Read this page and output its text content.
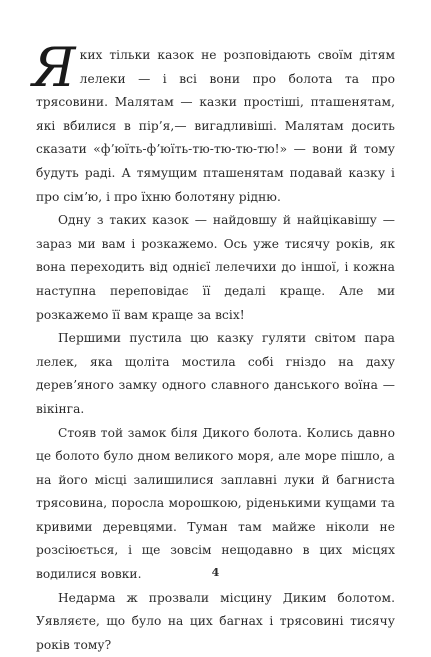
Яких тільки казок не розповідають своїм дітям лелеки — і всі вони про болота та про трясовини. Малятам — казки простіші, пташенятам, які вбилися в пір’я,— вигадливіші. Малятам досить сказати «фʼюїть-фʼюїть-тю-тю-тю-тю!» — вони й тому будуть раді. А тямущим пташенятам подавай казку і про сімʼю, і про їхню болотяну рідню.

Одну з таких казок — найдовшу й найцікавішу — зараз ми вам і розкажемо. Ось уже тисячу років, як вона переходить від однієї лелечихи до іншої, і кожна наступна переповідає її дедалі краще. Але ми розкажемо її вам краще за всіх!

Першими пустила цю казку гуляти світом пара лелек, яка щоліта мостила собі гніздо на даху деревʼяного замку одного славного данського воїна — вікінга.

Стояв той замок біля Дикого болота. Колись давно це болото було дном великого моря, але море пішло, а на його місці залишилися заплавні луки й багниста трясовина, поросла морошкою, ріденькими кущами та кривими деревцями. Туман там майже ніколи не розсіюється, і ще зовсім нещодавно в цих місцях водилися вовки.

Недарма ж прозвали місцину Диким болотом. Уявляєте, що було на цих багнах і трясовині тисячу років тому?

4
